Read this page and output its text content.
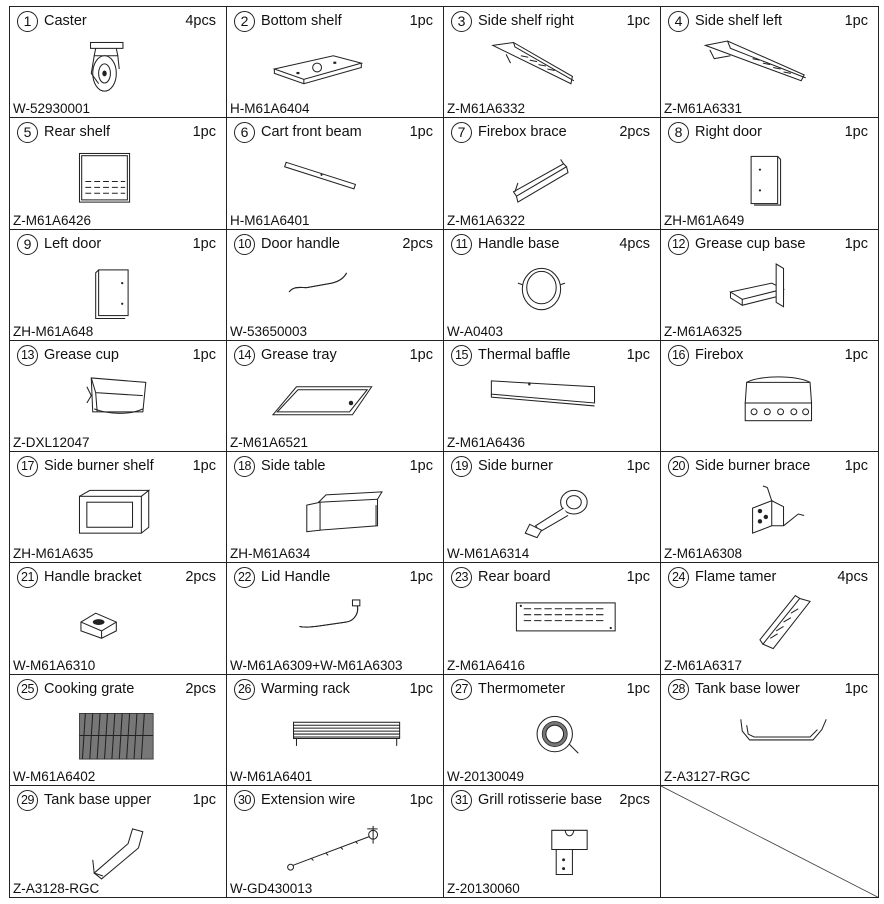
1 Caster	4pcs
W-52930001
2 Bottom shelf	1pc
H-M61A6404
3 Side shelf right	1pc
Z-M61A6332
4 Side shelf left	1pc
Z-M61A6331
5 Rear shelf	1pc
Z-M61A6426
6 Cart front beam	1pc
H-M61A6401
7 Firebox brace	2pcs
Z-M61A6322
8 Right door	1pc
ZH-M61A649
9 Left door	1pc
ZH-M61A648
10 Door handle	2pcs
W-53650003
11 Handle base	4pcs
W-A0403
12 Grease cup base	1pc
Z-M61A6325
13 Grease cup	1pc
Z-DXL12047
14 Grease tray	1pc
Z-M61A6521
15 Thermal baffle	1pc
Z-M61A6436
16 Firebox	1pc
17 Side burner shelf	1pc
ZH-M61A635
18 Side table	1pc
ZH-M61A634
19 Side burner	1pc
W-M61A6314
20 Side burner brace 1pc
Z-M61A6308
21 Handle bracket	2pcs
W-M61A6310
22 Lid Handle	1pc
W-M61A6309+W-M61A6303
23 Rear board	1pc
Z-M61A6416
24 Flame tamer	4pcs
Z-M61A6317
25 Cooking grate	2pcs
W-M61A6402
26 Warming rack	1pc
W-M61A6401
27 Thermometer	1pc
W-20130049
28 Tank base lower	1pc
Z-A3127-RGC
29 Tank base upper	1pc
Z-A3128-RGC
30 Extension wire	1pc
W-GD430013
31 Grill rotisserie base 2pcs
Z-20130060
